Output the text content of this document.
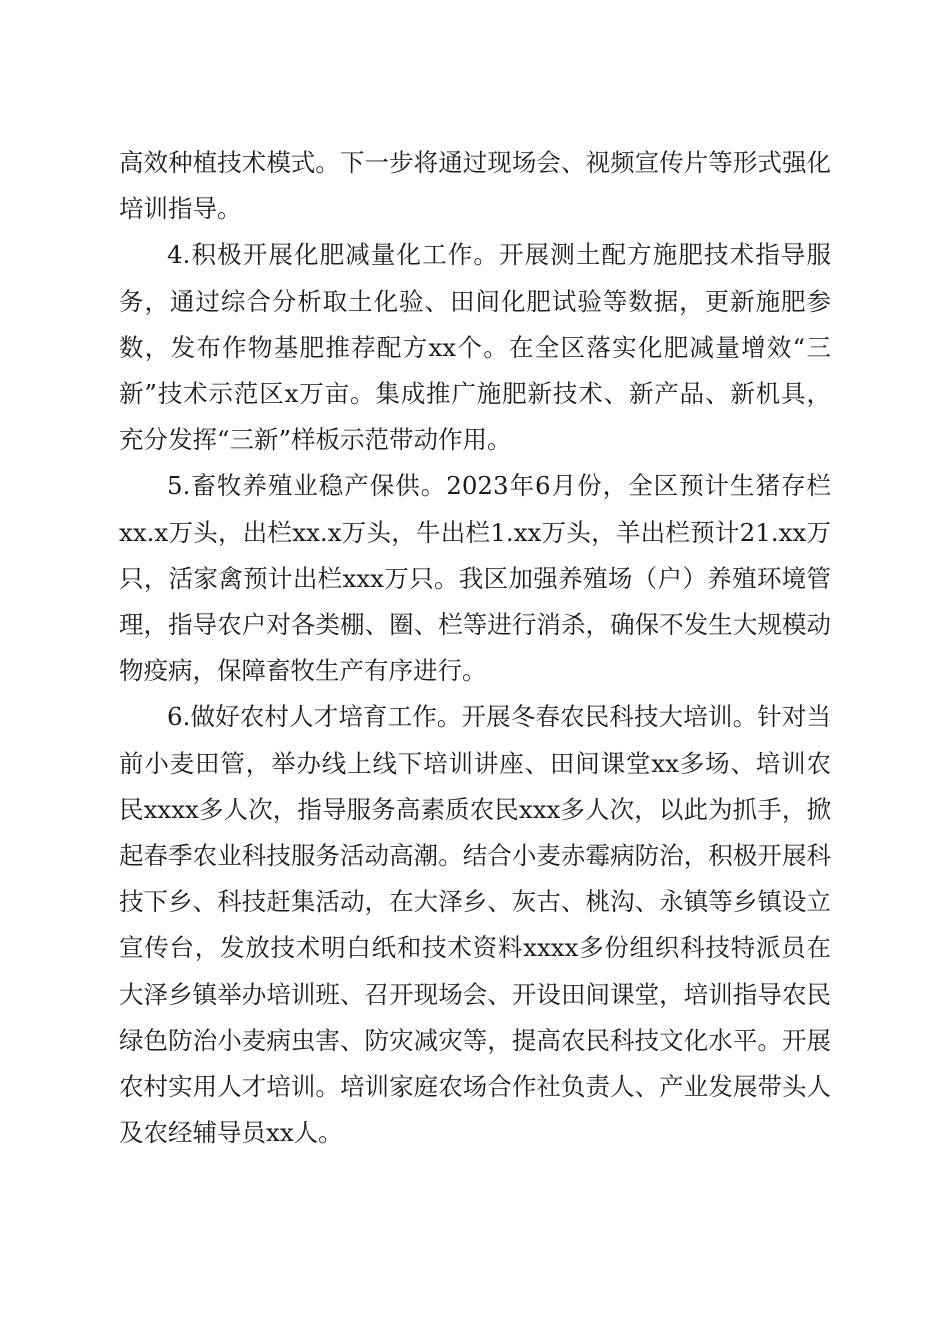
高效种植技术模式。下一步将通过现场会、视频宣传片等形式强化培训指导。

4.积极开展化肥减量化工作。开展测土配方施肥技术指导服务，通过综合分析取土化验、田间化肥试验等数据，更新施肥参数，发布作物基肥推荐配方xx个。在全区落实化肥减量增效“三新”技术示范区x万亩。集成推广施肥新技术、新产品、新机具，充分发挥“三新”样板示范带动作用。

5.畜牧养殖业稳产保供。2023年6月份，全区预计生猪存栏xx.x万头，出栏xx.x万头，牛出栏1.xx万头，羊出栏预计21.xx万只，活家禽预计出栏xxx万只。我区加强养殖场（户）养殖环境管理，指导农户对各类棚、圈、栏等进行消杀，确保不发生大规模动物疫病，保障畜牧生产有序进行。

6.做好农村人才培育工作。开展冬春农民科技大培训。针对当前小麦田管，举办线上线下培训讲座、田间课堂xx多场、培训农民xxxx多人次，指导服务高素质农民xxx多人次，以此为抓手，掀起春季农业科技服务活动高潮。结合小麦赤霉病防治，积极开展科技下乡、科技赶集活动，在大泽乡、灰古、桃沟、永镇等乡镇设立宣传台，发放技术明白纸和技术资料xxxx多份组织科技特派员在大泽乡镇举办培训班、召开现场会、开设田间课堂，培训指导农民绿色防治小麦病虫害、防灾减灾等，提高农民科技文化水平。开展农村实用人才培训。培训家庭农场合作社负责人、产业发展带头人及农经辅导员xx人。
